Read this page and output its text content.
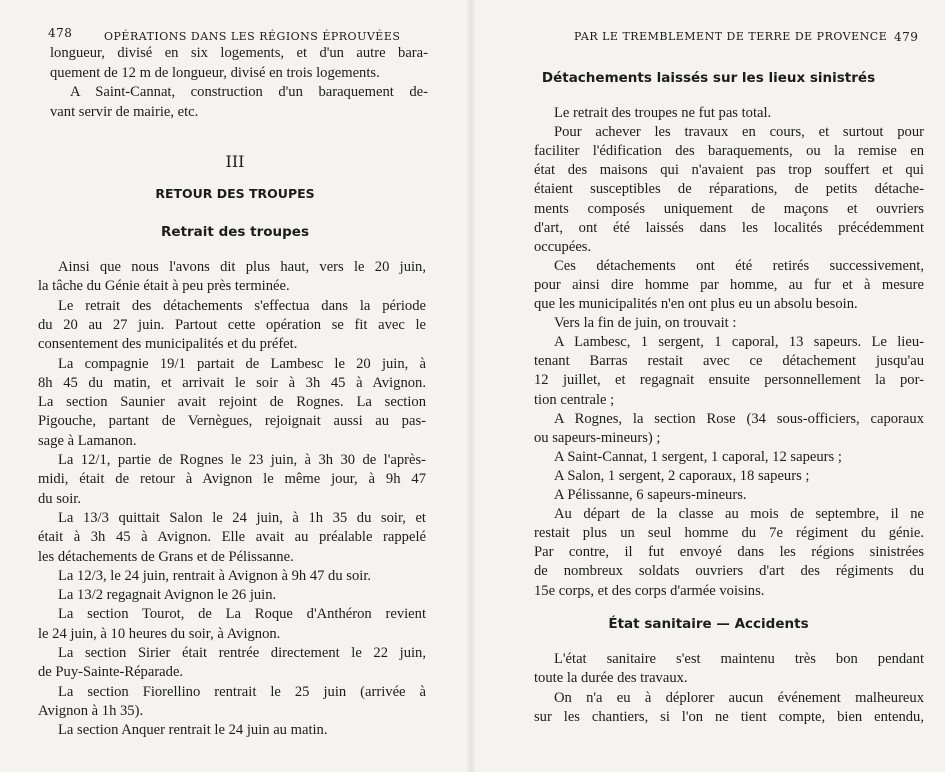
478	OPÉRATIONS DANS LES RÉGIONS ÉPROUVÉES
longueur, divisé en six logements, et d'un autre bara-
quement de 12 m de longueur, divisé en trois logements.
A Saint-Cannat, construction d'un baraquement de-
vant servir de mairie, etc.
III
RETOUR DES TROUPES
Retrait des troupes
Ainsi que nous l'avons dit plus haut, vers le 20 juin,
la tâche du Génie était à peu près terminée.
Le retrait des détachements s'effectua dans la période
du 20 au 27 juin. Partout cette opération se fit avec le
consentement des municipalités et du préfet.
La compagnie 19/1 partait de Lambesc le 20 juin, à
8h 45 du matin, et arrivait le soir à 3h 45 à Avignon.
La section Saunier avait rejoint de Rognes. La section
Pigouche, partant de Vernègues, rejoignait aussi au pas-
sage à Lamanon.
La 12/1, partie de Rognes le 23 juin, à 3h 30 de l'après-
midi, était de retour à Avignon le même jour, à 9h 47
du soir.
La 13/3 quittait Salon le 24 juin, à 1h 35 du soir, et
était à 3h 45 à Avignon. Elle avait au préalable rappelé
les détachements de Grans et de Pélissanne.
La 12/3, le 24 juin, rentrait à Avignon à 9h 47 du soir.
La 13/2 regagnait Avignon le 26 juin.
La section Tourot, de La Roque d'Anthéron revient
le 24 juin, à 10 heures du soir, à Avignon.
La section Sirier était rentrée directement le 22 juin,
de Puy-Sainte-Réparade.
La section Fiorellino rentrait le 25 juin (arrivée à
Avignon à 1h 35).
La section Anquer rentrait le 24 juin au matin.
PAR LE TREMBLEMENT DE TERRE DE PROVENCE 479
Détachements laissés sur les lieux sinistrés
Le retrait des troupes ne fut pas total.
Pour achever les travaux en cours, et surtout pour
faciliter l'édification des baraquements, ou la remise en
état des maisons qui n'avaient pas trop souffert et qui
étaient susceptibles de réparations, de petits détache-
ments composés uniquement de maçons et ouvriers
d'art, ont été laissés dans les localités précédemment
occupées.
Ces détachements ont été retirés successivement,
pour ainsi dire homme par homme, au fur et à mesure
que les municipalités n'en ont plus eu un absolu besoin.
Vers la fin de juin, on trouvait :
A Lambesc, 1 sergent, 1 caporal, 13 sapeurs. Le lieu-
tenant Barras restait avec ce détachement jusqu'au
12 juillet, et regagnait ensuite personnellement la por-
tion centrale ;
A Rognes, la section Rose (34 sous-officiers, caporaux
ou sapeurs-mineurs) ;
A Saint-Cannat, 1 sergent, 1 caporal, 12 sapeurs ;
A Salon, 1 sergent, 2 caporaux, 18 sapeurs ;
A Pélissanne, 6 sapeurs-mineurs.
Au départ de la classe au mois de septembre, il ne
restait plus un seul homme du 7e régiment du génie.
Par contre, il fut envoyé dans les régions sinistrées
de nombreux soldats ouvriers d'art des régiments du
15e corps, et des corps d'armée voisins.
État sanitaire — Accidents
L'état sanitaire s'est maintenu très bon pendant
toute la durée des travaux.
On n'a eu à déplorer aucun événement malheureux
sur les chantiers, si l'on ne tient compte, bien entendu,
